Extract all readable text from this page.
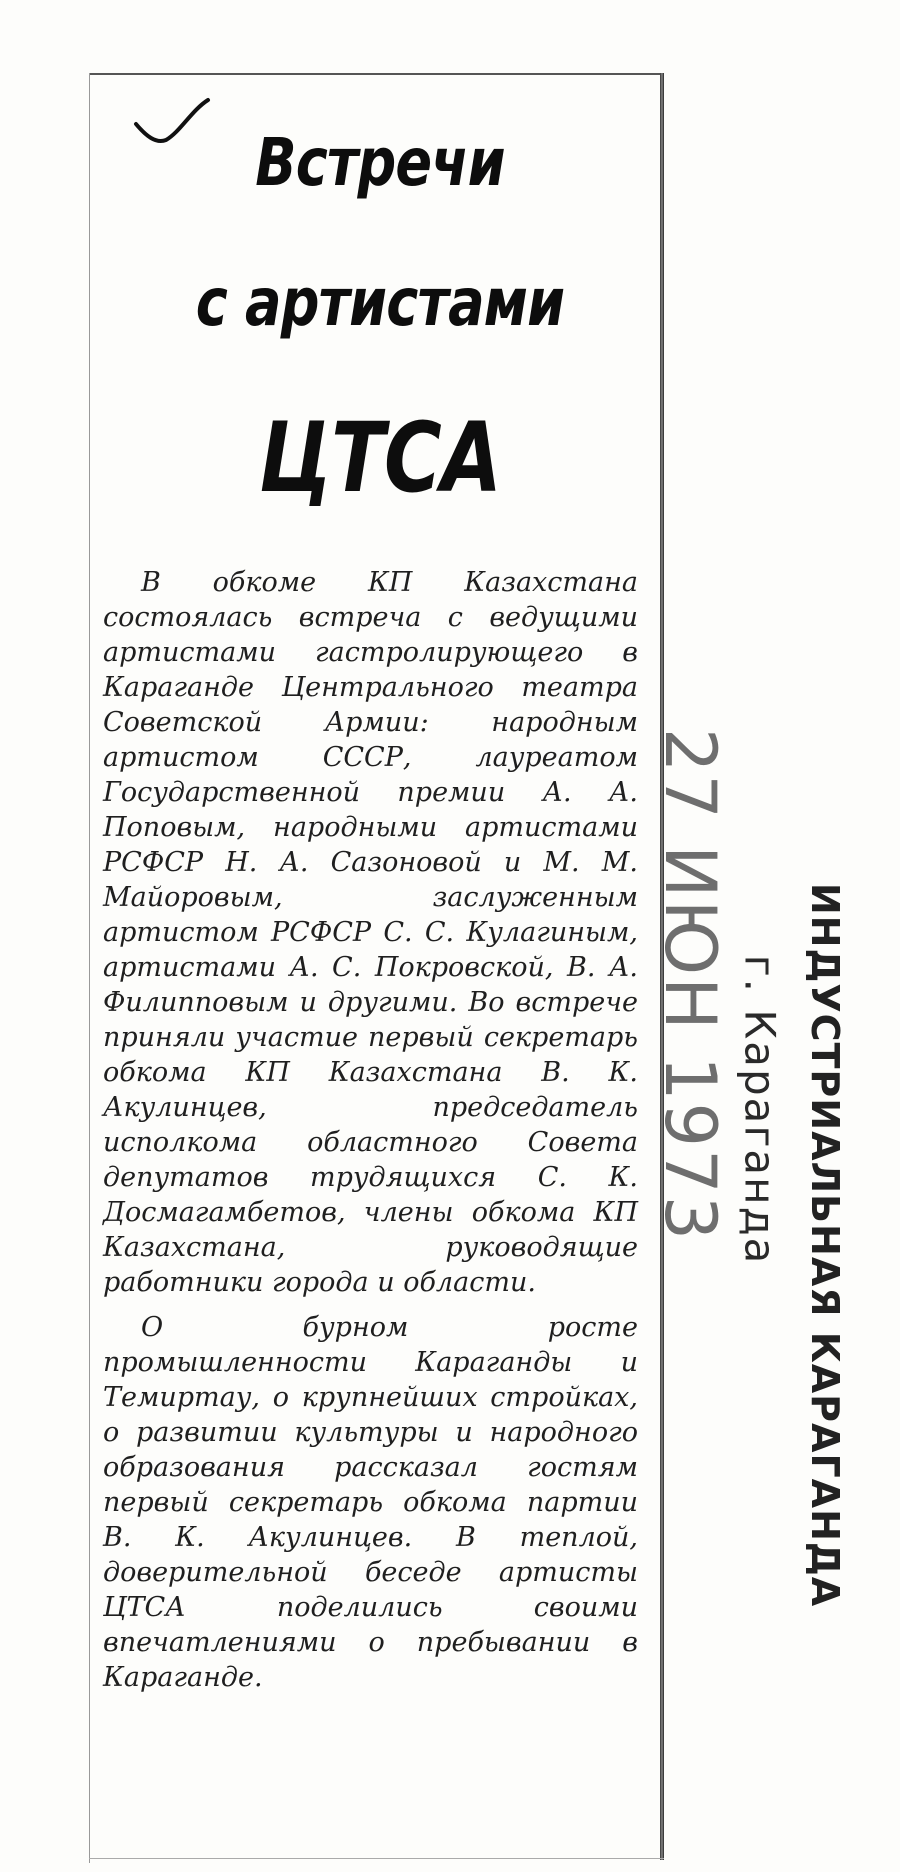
Встречи
с артистами
ЦТСА

В обкоме КП Казахстана состоялась встреча с ведущими артистами гастролирующего в Караганде Центрального театра Советской Армии: народным артистом СССР, лауреатом Государственной премии А. А. Поповым, народными артистами РСФСР Н. А. Сазоновой и М. М. Майоровым, заслуженным артистом РСФСР С. С. Кулагиным, артистами А. С. Покровской, В. А. Филипповым и другими. Во встрече приняли участие первый секретарь обкома КП Казахстана В. К. Акулинцев, председатель исполкома областного Совета депутатов трудящихся С. К. Досмагамбетов, члены обкома КП Казахстана, руководящие работники города и области.

О бурном росте промышленности Караганды и Темиртау, о крупнейших стройках, о развитии культуры и народного образования рассказал гостям первый секретарь обкома партии В. К. Акулинцев. В теплой, доверительной беседе артисты ЦТСА поделились своими впечатлениями о пребывании в Караганде.

27 ИЮН 1973 г. Караганда ИНДУСТРИАЛЬНАЯ КАРАГАНДА
